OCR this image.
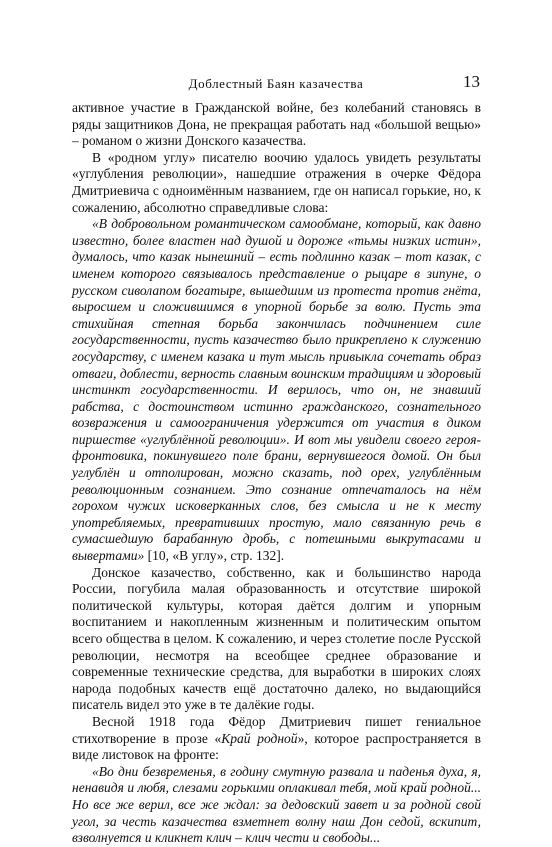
Доблестный Баян казачества	13

активное участие в Гражданской войне, без колебаний становясь в ряды защитников Дона, не прекращая работать над «большой вещью» – романом о жизни Донского казачества.

В «родном углу» писателю воочию удалось увидеть результаты «углубления революции», нашедшие отражения в очерке Фёдора Дмитриевича с одноимённым названием, где он написал горькие, но, к сожалению, абсолютно справедливые слова:

«В добровольном романтическом самообмане, который, как давно известно, более властен над душой и дороже «тьмы низких истин», думалось, что казак нынешний – есть подлинно казак – тот казак, с именем которого связывалось представление о рыцаре в зипуне, о русском сиволапом богатыре, вышедшим из протеста против гнёта, выросшем и сложившимся в упорной борьбе за волю. Пусть эта стихийная степная борьба закончилась подчинением силе государственности, пусть казачество было прикреплено к служению государству, с именем казака и тут мысль привыкла сочетать образ отваги, доблести, верность славным воинским традициям и здоровый инстинкт государственности. И верилось, что он, не знавший рабства, с достоинством истинно гражданского, сознательного возвражения и самоограничения удержится от участия в диком пиршестве «углублённой революции». И вот мы увидели своего героя-фронтовика, покинувшего поле брани, вернувшегося домой. Он был углублён и отполирован, можно сказать, под орех, углублённым революционным сознанием. Это сознание отпечаталось на нём горохом чужих исковерканных слов, без смысла и не к месту употребляемых, превративших простую, мало связанную речь в сумасшедшую барабанную дробь, с потешными выкрутасами и вывертами» [10, «В углу», стр. 132].

Донское казачество, собственно, как и большинство народа России, погубила малая образованность и отсутствие широкой политической культуры, которая даётся долгим и упорным воспитанием и накопленным жизненным и политическим опытом всего общества в целом. К сожалению, и через столетие после Русской революции, несмотря на всеобщее среднее образование и современные технические средства, для выработки в широких слоях народа подобных качеств ещё достаточно далеко, но выдающийся писатель видел это уже в те далёкие годы.

Весной 1918 года Фёдор Дмитриевич пишет гениальное стихотворение в прозе «Край родной», которое распространяется в виде листовок на фронте:

«Во дни безвременья, в годину смутную развала и паденья духа, я, ненавидя и любя, слезами горькими оплакивал тебя, мой край родной... Но все же верил, все же ждал: за дедовский завет и за родной свой угол, за честь казачества взметнет волну наш Дон седой, вскипит, взволнуется и кликнет клич – клич чести и свободы...
